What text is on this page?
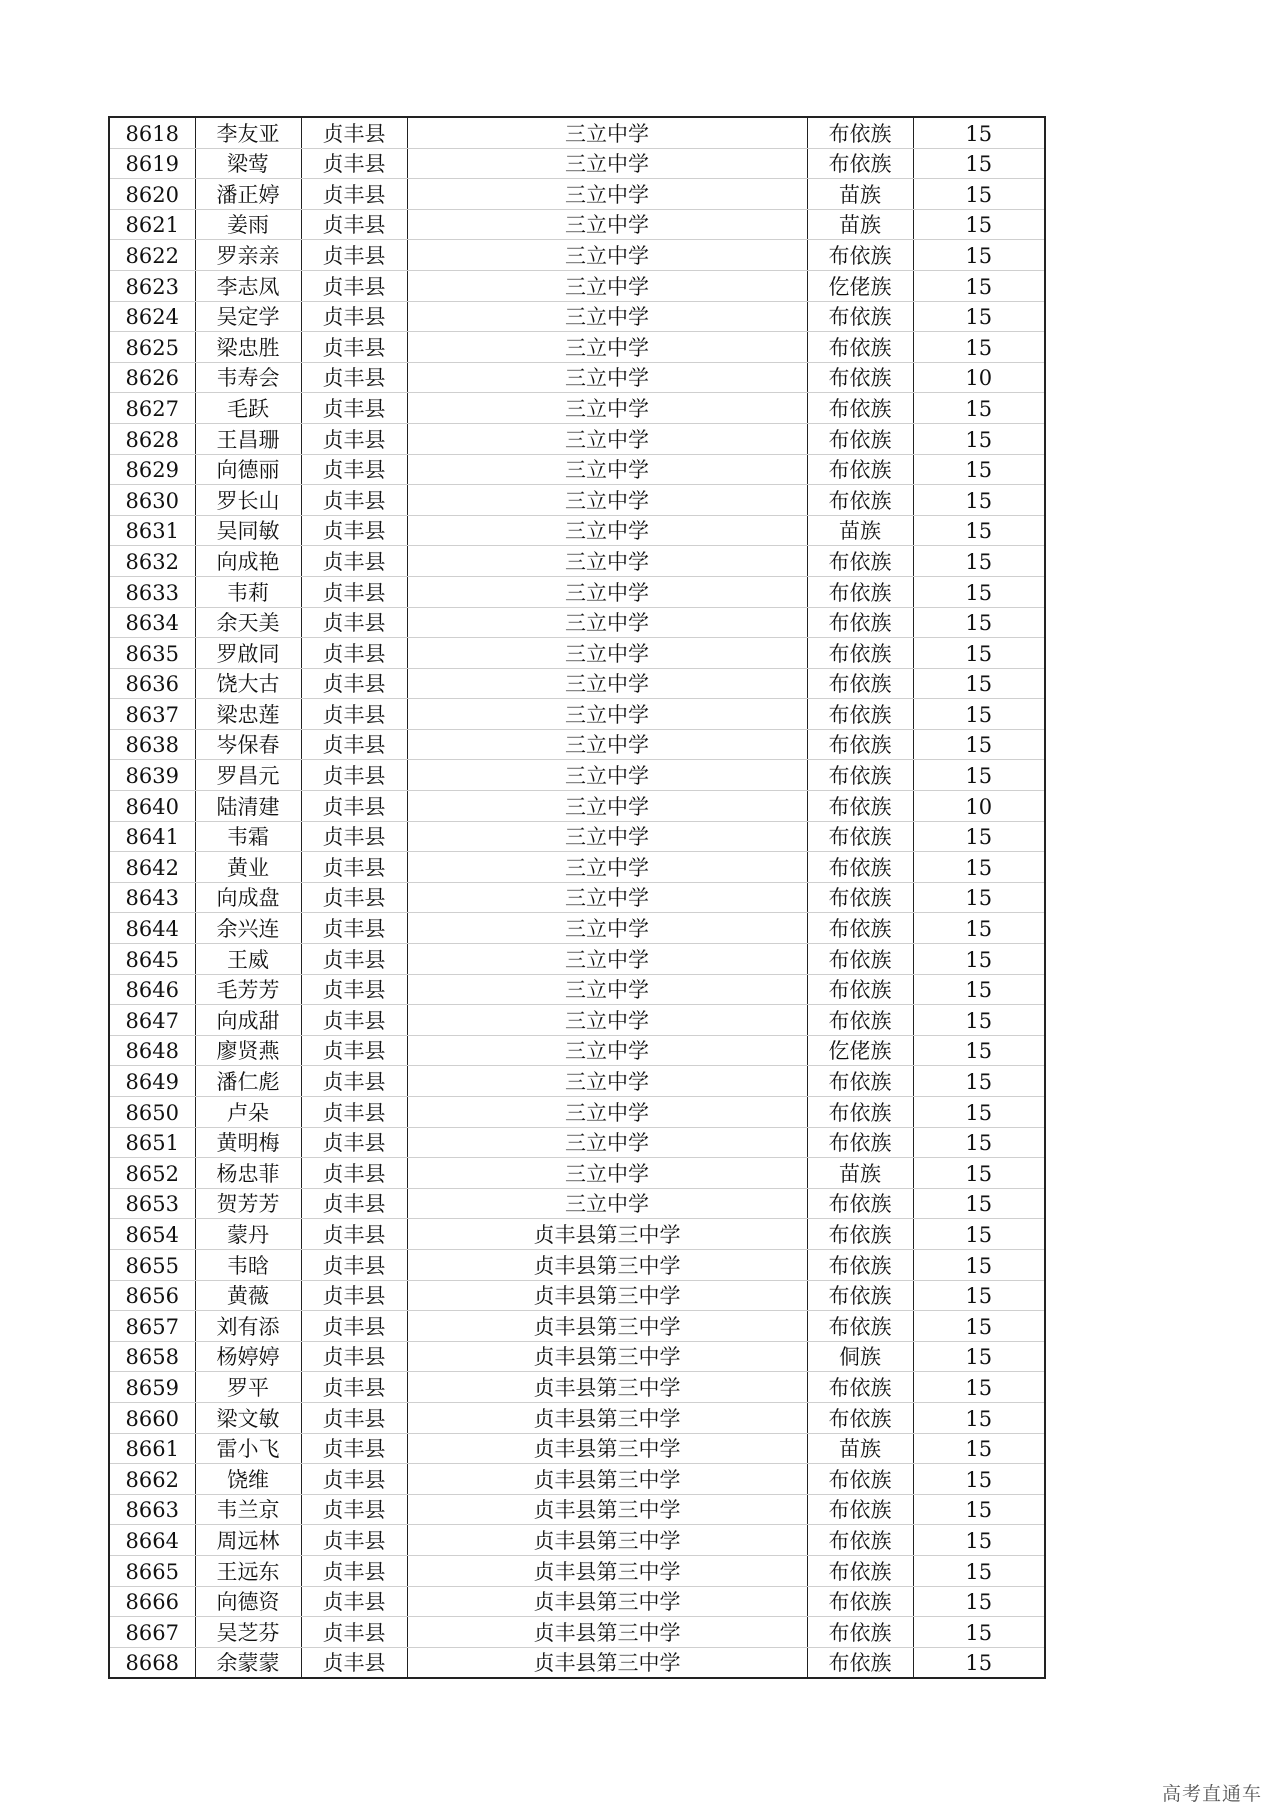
8618	李友亚	贞丰县	三立中学	布依族	15
8619	梁莺	贞丰县	三立中学	布依族	15
8620	潘正婷	贞丰县	三立中学	苗族	15
8621	姜雨	贞丰县	三立中学	苗族	15
8622	罗亲亲	贞丰县	三立中学	布依族	15
8623	李志凤	贞丰县	三立中学	仡佬族	15
8624	吴定学	贞丰县	三立中学	布依族	15
8625	梁忠胜	贞丰县	三立中学	布依族	15
8626	韦寿会	贞丰县	三立中学	布依族	10
8627	毛跃	贞丰县	三立中学	布依族	15
8628	王昌珊	贞丰县	三立中学	布依族	15
8629	向德丽	贞丰县	三立中学	布依族	15
8630	罗长山	贞丰县	三立中学	布依族	15
8631	吴同敏	贞丰县	三立中学	苗族	15
8632	向成艳	贞丰县	三立中学	布依族	15
8633	韦莉	贞丰县	三立中学	布依族	15
8634	余天美	贞丰县	三立中学	布依族	15
8635	罗啟同	贞丰县	三立中学	布依族	15
8636	饶大古	贞丰县	三立中学	布依族	15
8637	梁忠莲	贞丰县	三立中学	布依族	15
8638	岑保春	贞丰县	三立中学	布依族	15
8639	罗昌元	贞丰县	三立中学	布依族	15
8640	陆清建	贞丰县	三立中学	布依族	10
8641	韦霜	贞丰县	三立中学	布依族	15
8642	黄业	贞丰县	三立中学	布依族	15
8643	向成盘	贞丰县	三立中学	布依族	15
8644	余兴连	贞丰县	三立中学	布依族	15
8645	王威	贞丰县	三立中学	布依族	15
8646	毛芳芳	贞丰县	三立中学	布依族	15
8647	向成甜	贞丰县	三立中学	布依族	15
8648	廖贤燕	贞丰县	三立中学	仡佬族	15
8649	潘仁彪	贞丰县	三立中学	布依族	15
8650	卢朵	贞丰县	三立中学	布依族	15
8651	黄明梅	贞丰县	三立中学	布依族	15
8652	杨忠菲	贞丰县	三立中学	苗族	15
8653	贺芳芳	贞丰县	三立中学	布依族	15
8654	蒙丹	贞丰县	贞丰县第三中学	布依族	15
8655	韦晗	贞丰县	贞丰县第三中学	布依族	15
8656	黄薇	贞丰县	贞丰县第三中学	布依族	15
8657	刘有添	贞丰县	贞丰县第三中学	布依族	15
8658	杨婷婷	贞丰县	贞丰县第三中学	侗族	15
8659	罗平	贞丰县	贞丰县第三中学	布依族	15
8660	梁文敏	贞丰县	贞丰县第三中学	布依族	15
8661	雷小飞	贞丰县	贞丰县第三中学	苗族	15
8662	饶维	贞丰县	贞丰县第三中学	布依族	15
8663	韦兰京	贞丰县	贞丰县第三中学	布依族	15
8664	周远林	贞丰县	贞丰县第三中学	布依族	15
8665	王远东	贞丰县	贞丰县第三中学	布依族	15
8666	向德资	贞丰县	贞丰县第三中学	布依族	15
8667	吴芝芬	贞丰县	贞丰县第三中学	布依族	15
8668	余蒙蒙	贞丰县	贞丰县第三中学	布依族	15
高考直通车
